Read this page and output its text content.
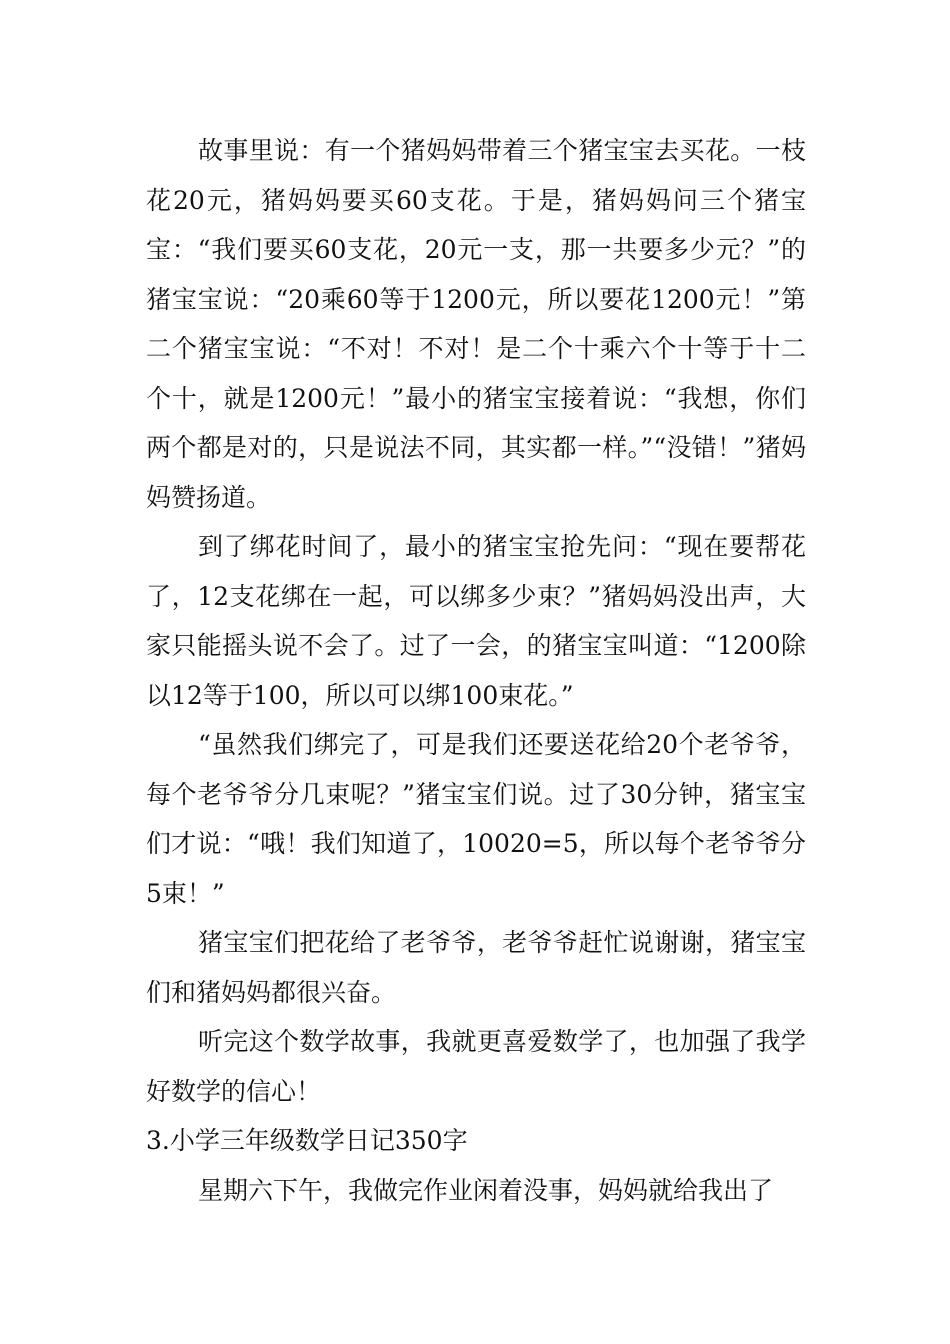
故事里说：有一个猪妈妈带着三个猪宝宝去买花。一枝花20元，猪妈妈要买60支花。于是，猪妈妈问三个猪宝宝：“我们要买60支花，20元一支，那一共要多少元？”的猪宝宝说：“20乘60等于1200元，所以要花1200元！”第二个猪宝宝说：“不对！不对！是二个十乘六个十等于十二个十，就是1200元！”最小的猪宝宝接着说：“我想，你们两个都是对的，只是说法不同，其实都一样。”“没错！”猪妈妈赞扬道。

到了绑花时间了，最小的猪宝宝抢先问：“现在要帮花了，12支花绑在一起，可以绑多少束？”猪妈妈没出声，大家只能摇头说不会了。过了一会，的猪宝宝叫道：“1200除以12等于100，所以可以绑100束花。”

“虽然我们绑完了，可是我们还要送花给20个老爷爷，每个老爷爷分几束呢？”猪宝宝们说。过了30分钟，猪宝宝们才说：“哦！我们知道了，10020=5，所以每个老爷爷分5束！”

猪宝宝们把花给了老爷爷，老爷爷赶忙说谢谢，猪宝宝们和猪妈妈都很兴奋。

听完这个数学故事，我就更喜爱数学了，也加强了我学好数学的信心！

3.小学三年级数学日记350字

星期六下午，我做完作业闲着没事，妈妈就给我出了
